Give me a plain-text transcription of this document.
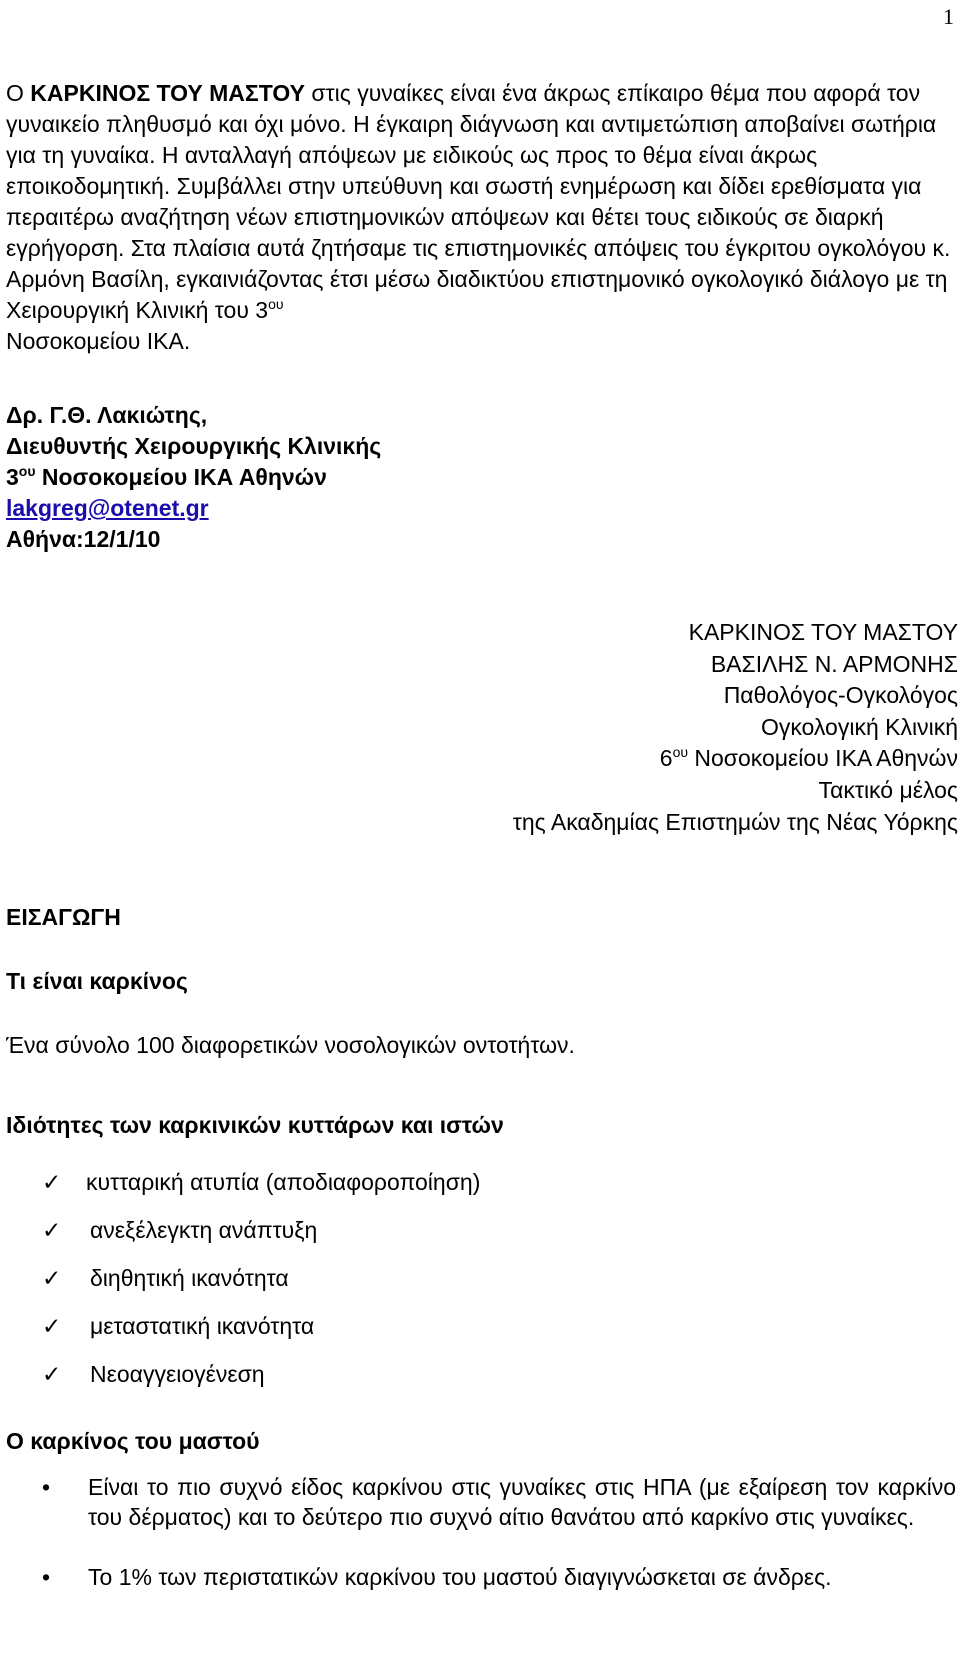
1

Ο ΚΑΡΚΙΝΟΣ ΤΟΥ ΜΑΣΤΟΥ στις γυναίκες είναι ένα άκρως επίκαιρο θέμα που αφορά τον γυναικείο πληθυσμό και όχι μόνο. Η έγκαιρη διάγνωση και αντιμετώπιση αποβαίνει σωτήρια για τη γυναίκα. Η ανταλλαγή απόψεων με ειδικούς ως προς το θέμα είναι άκρως εποικοδομητική. Συμβάλλει στην υπεύθυνη και σωστή ενημέρωση και δίδει ερεθίσματα για περαιτέρω αναζήτηση νέων επιστημονικών απόψεων και θέτει τους ειδικούς σε διαρκή εγρήγορση. Στα πλαίσια αυτά ζητήσαμε τις επιστημονικές απόψεις του έγκριτου ογκολόγου κ. Αρμόνη Βασίλη, εγκαινιάζοντας έτσι μέσω διαδικτύου επιστημονικό ογκολογικό διάλογο με τη Χειρουργική Κλινική του $3^{o\upsilon}$
Νοσοκομείου ΙΚΑ.

Δρ. Γ.Θ. Λακιώτης,
Διευθυντής Χειρουργικής Κλινικής
$3^{o\upsilon}$ Νοσοκομείου ΙΚΑ Αθηνών
lakgreg@otenet.gr
Αθήνα:12/1/10
ΚΑΡΚΙΝΟΣ ΤΟΥ ΜΑΣΤΟΥ
ΒΑΣΙΛΗΣ Ν. ΑΡΜΟΝΗΣ
Παθολόγος-Ογκολόγος
Ογκολογική Κλινική
$6^{o\upsilon}$ Νοσοκομείου ΙΚΑ Αθηνών
Τακτικό μέλος
της Ακαδημίας Επιστημών της Νέας Υόρκης
ΕΙΣΑΓΩΓΗ
Τι είναι καρκίνος
Ένα σύνολο 100 διαφορετικών νοσολογικών οντοτήτων.
Ιδιότητες των καρκινικών κυττάρων και ιστών
✓ κυτταρική ατυπία (αποδιαφοροποίηση)
✓ ανεξέλεγκτη ανάπτυξη
✓ διηθητική ικανότητα
✓ μεταστατική ικανότητα
✓ Νεοαγγειογένεση
Ο καρκίνος του μαστού
• Είναι το πιο συχνό είδος καρκίνου στις γυναίκες στις ΗΠΑ (με εξαίρεση τον καρκίνο του δέρματος) και το δεύτερο πιο συχνό αίτιο θανάτου από καρκίνο στις γυναίκες.
• Το 1% των περιστατικών καρκίνου του μαστού διαγιγνώσκεται σε άνδρες.
